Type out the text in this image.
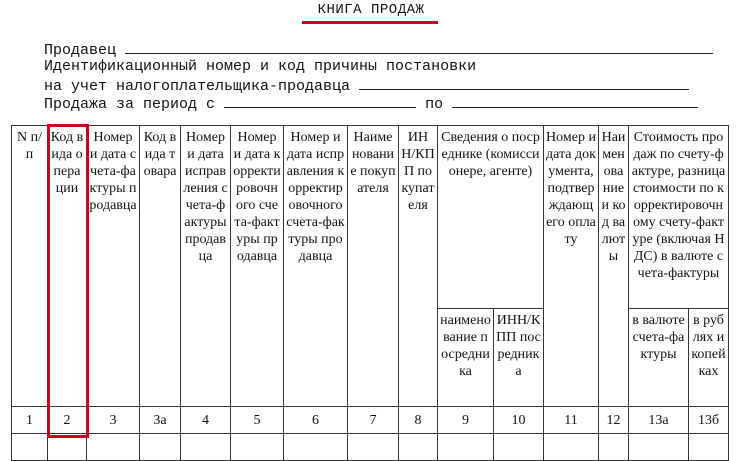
КНИГА ПРОДАЖ
Продавец
Идентификационный номер и код причины постановки
на учет налогоплательщика-продавца
Продажа за период с	по
N п/п	Код вида операции	Номер и дата счета-фактуры продавца	Код вида товара	Номер и дата исправления счета-фактуры продавца	Номер и дата корректировочного счета-фактуры продавца	Номер и дата исправления корректировочного счета-фактуры продавца	Наименование покупателя	ИНН/КПП покупателя	Сведения о посреднике (комиссионере, агенте)		Номер и дата документа, подтверждающего оплату	Наименование и код валюты	Стоимость продаж по счету-фактуре, разница стоимости по корректировочному счету-фактуре (включая НДС) в валюте счета-фактуры	
									наименование посредника	ИНН/КПП посредника			в валюте счета-фактуры	в рублях и копейках
1	2	3	3а	4	5	6	7	8	9	10	11	12	13а	13б
